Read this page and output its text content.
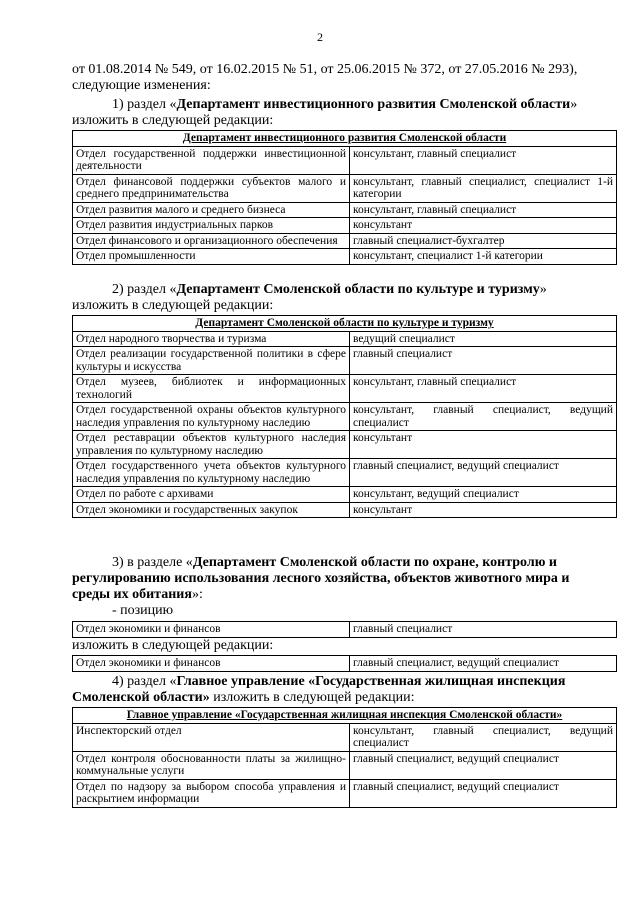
2
от 01.08.2014 № 549, от 16.02.2015 № 51, от 25.06.2015 № 372, от 27.05.2016 № 293),
следующие изменения:
1) раздел «Департамент инвестиционного развития Смоленской области»
изложить в следующей редакции:
Департамент инвестиционного развития Смоленской области	
Отдел государственной поддержки инвестиционной деятельности	консультант, главный специалист
Отдел финансовой поддержки субъектов малого и среднего предпринимательства	консультант, главный специалист, специалист 1-й категории
Отдел развития малого и среднего бизнеса	консультант, главный специалист
Отдел развития индустриальных парков	консультант
Отдел финансового и организационного обеспечения	главный специалист-бухгалтер
Отдел промышленности	консультант, специалист 1-й категории
2) раздел «Департамент Смоленской области по культуре и туризму»
изложить в следующей редакции:
Департамент Смоленской области по культуре и туризму	
Отдел народного творчества и туризма	ведущий специалист
Отдел реализации государственной политики в сфере культуры и искусства	главный специалист
Отдел музеев, библиотек и информационных технологий	консультант, главный специалист
Отдел государственной охраны объектов культурного наследия управления по культурному наследию	консультант, главный специалист, ведущий специалист
Отдел реставрации объектов культурного наследия управления по культурному наследию	консультант
Отдел государственного учета объектов культурного наследия управления по культурному наследию	главный специалист, ведущий специалист
Отдел по работе с архивами	консультант, ведущий специалист
Отдел экономики и государственных закупок	консультант
3) в разделе «Департамент Смоленской области по охране, контролю и
регулированию использования лесного хозяйства, объектов животного мира и
среды их обитания»:
- позицию
Отдел экономики и финансов	главный специалист
изложить в следующей редакции:
Отдел экономики и финансов	главный специалист, ведущий специалист
4) раздел «Главное управление «Государственная жилищная инспекция
Смоленской области» изложить в следующей редакции:
Главное управление «Государственная жилищная инспекция Смоленской области»	
Инспекторский отдел	консультант, главный специалист, ведущий специалист
Отдел контроля обоснованности платы за жилищно-коммунальные услуги	главный специалист, ведущий специалист
Отдел по надзору за выбором способа управления и раскрытием информации	главный специалист, ведущий специалист
